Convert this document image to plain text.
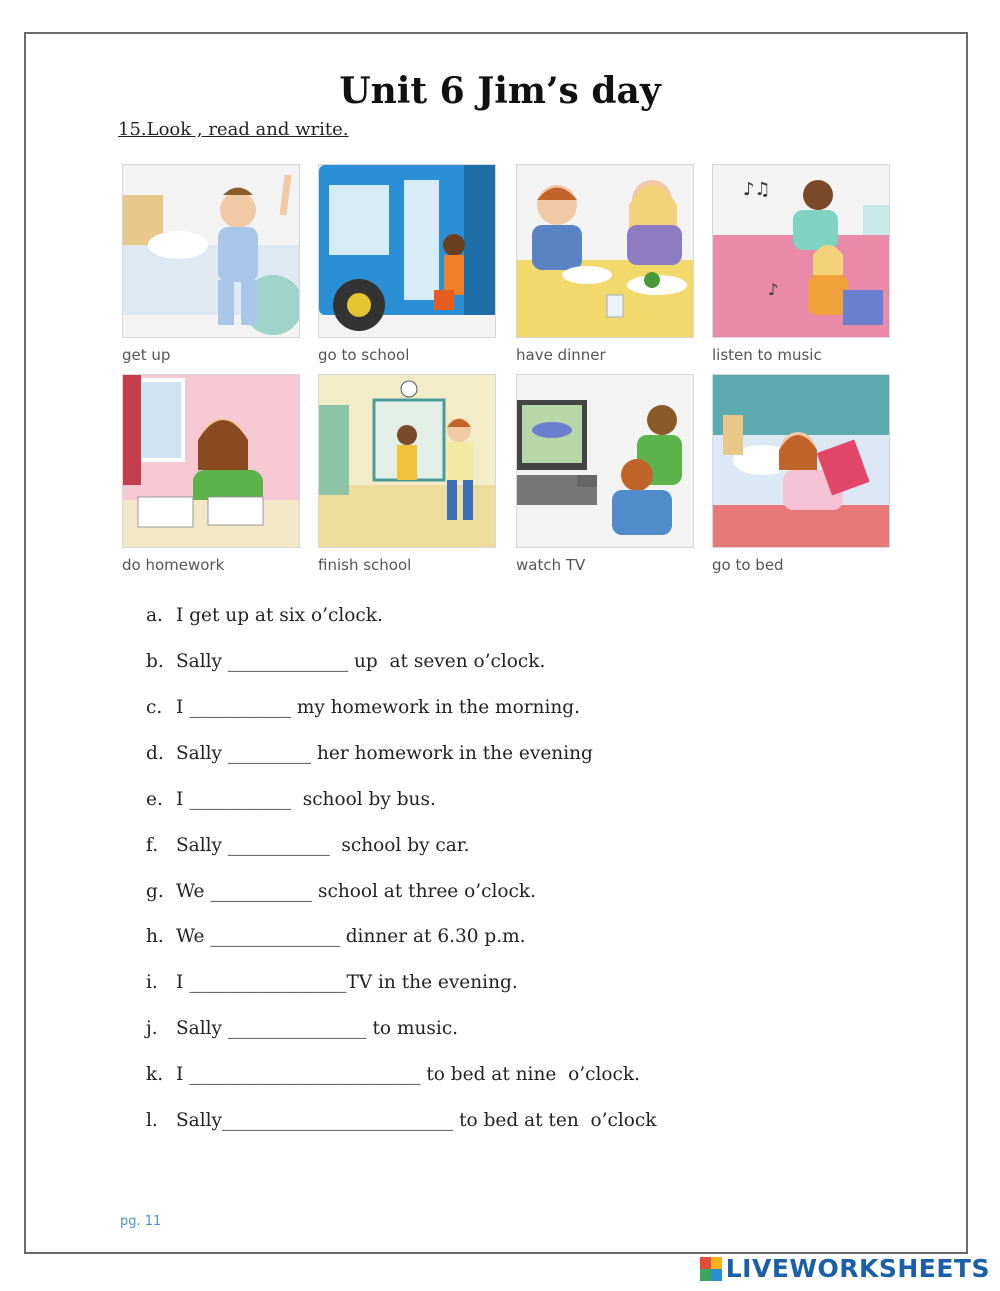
Unit 6 Jim’s day
15.Look , read and write.
get up	go to school	have dinner
♪♫
♪
listen to music
do homework	finish school	watch TV	go to bed
a. I get up at six o’clock.
b. Sally _____________ up  at seven o’clock.
c. I ___________ my homework in the morning.
d. Sally _________ her homework in the evening
e. I ___________  school by bus.
f. Sally ___________  school by car.
g. We ___________ school at three o’clock.
h. We ______________ dinner at 6.30 p.m.
i. I _________________TV in the evening.
j. Sally _______________ to music.
k. I _________________________ to bed at nine  o’clock.
l. Sally_________________________ to bed at ten  o’clock
pg. 11
LIVEWORKSHEETS
